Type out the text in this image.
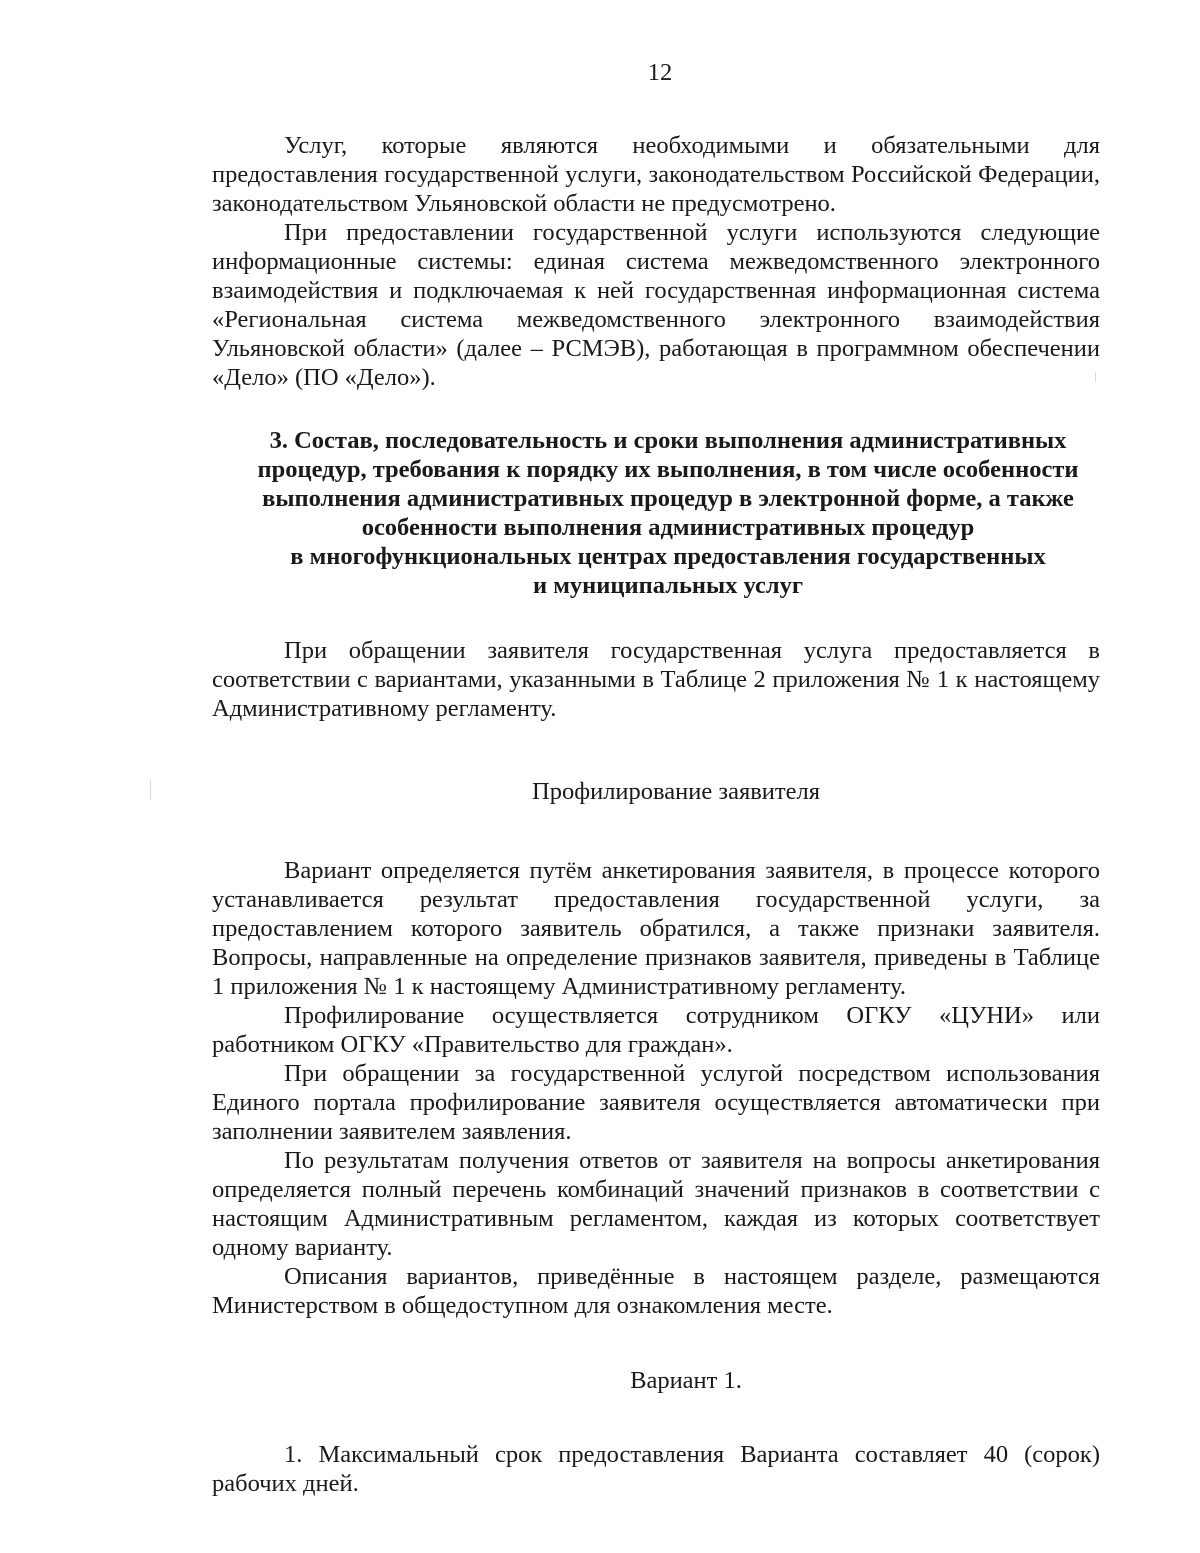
12

Услуг, которые являются необходимыми и обязательными для предоставления государственной услуги, законодательством Российской Федерации, законодательством Ульяновской области не предусмотрено.

При предоставлении государственной услуги используются следующие информационные системы: единая система межведомственного электронного взаимодействия и подключаемая к ней государственная информационная система «Региональная система межведомственного электронного взаимодействия Ульяновской области» (далее – РСМЭВ), работающая в программном обеспечении «Дело» (ПО «Дело»).

3. Состав, последовательность и сроки выполнения административных
процедур, требования к порядку их выполнения, в том числе особенности
выполнения административных процедур в электронной форме, а также
особенности выполнения административных процедур
в многофункциональных центрах предоставления государственных
и муниципальных услуг

При обращении заявителя государственная услуга предоставляется в соответствии с вариантами, указанными в Таблице 2 приложения № 1 к настоящему Административному регламенту.

Профилирование заявителя

Вариант определяется путём анкетирования заявителя, в процессе которого устанавливается результат предоставления государственной услуги, за предоставлением которого заявитель обратился, а также признаки заявителя. Вопросы, направленные на определение признаков заявителя, приведены в Таблице 1 приложения № 1 к настоящему Административному регламенту.

Профилирование осуществляется сотрудником ОГКУ «ЦУНИ» или работником ОГКУ «Правительство для граждан».

При обращении за государственной услугой посредством использования Единого портала профилирование заявителя осуществляется автоматически при заполнении заявителем заявления.

По результатам получения ответов от заявителя на вопросы анкетирования определяется полный перечень комбинаций значений признаков в соответствии с настоящим Административным регламентом, каждая из которых соответствует одному варианту.

Описания вариантов, приведённые в настоящем разделе, размещаются Министерством в общедоступном для ознакомления месте.

Вариант 1.

1. Максимальный срок предоставления Варианта составляет 40 (сорок) рабочих дней.
